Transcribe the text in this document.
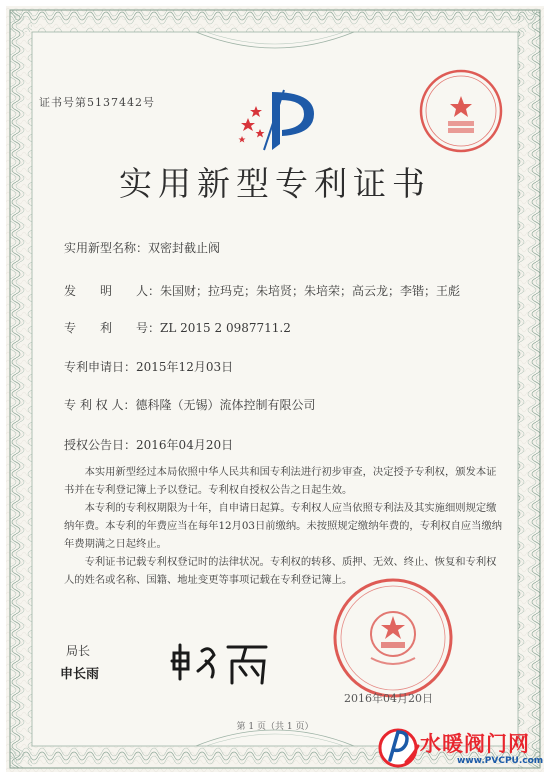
证书号第5137442号
实用新型专利证书
实用新型名称：双密封截止阀
发　　明　　人：朱国财；拉玛克；朱培贤；朱培荣；高云龙；李锴；王彪
专　　利　　号：ZL 2015 2 0987711.2
专利申请日：2015年12月03日
专 利 权 人：德科隆（无锡）流体控制有限公司
授权公告日：2016年04月20日

本实用新型经过本局依照中华人民共和国专利法进行初步审查，决定授予专利权，颁发本证书并在专利登记簿上予以登记。专利权自授权公告之日起生效。

本专利的专利权期限为十年，自申请日起算。专利权人应当依照专利法及其实施细则规定缴纳年费。本专利的年费应当在每年12月03日前缴纳。未按照规定缴纳年费的，专利权自应当缴纳年费期满之日起终止。

专利证书记载专利权登记时的法律状况。专利权的转移、质押、无效、终止、恢复和专利权人的姓名或名称、国籍、地址变更等事项记载在专利登记簿上。

局长
申长雨
2016年04月20日
第 1 页（共 1 页）
水暖阀门网
www.PVCPU.com
